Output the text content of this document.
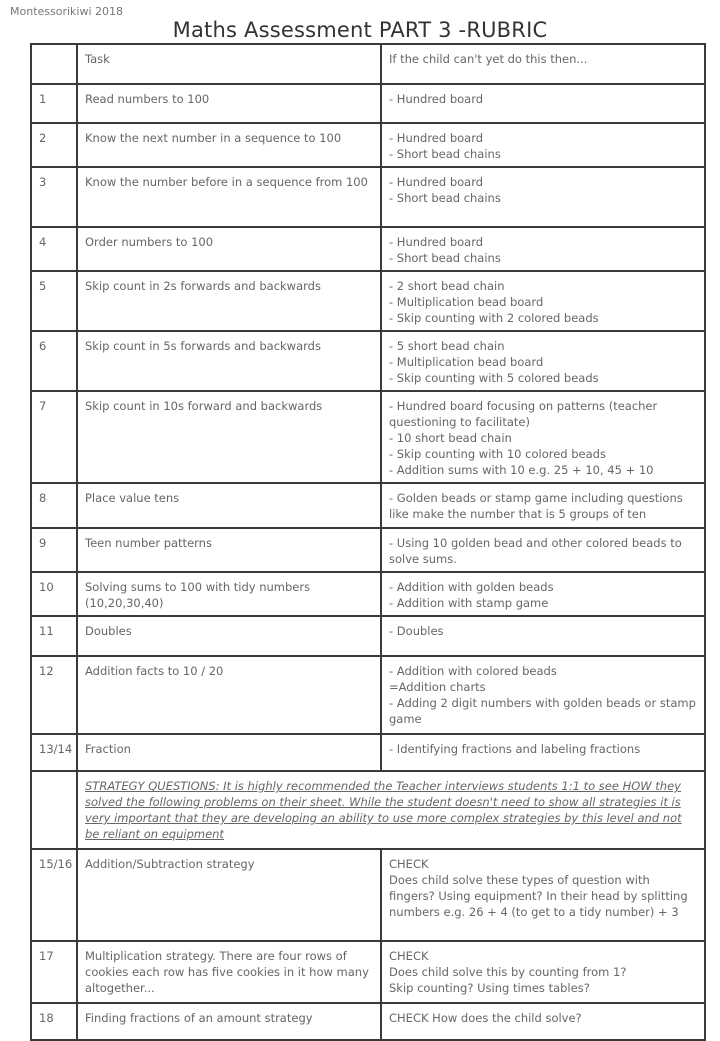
Montessorikiwi 2018
Maths Assessment PART 3 -RUBRIC
	Task	If the child can't yet do this then...
1	Read numbers to 100	- Hundred board

2	Know the next number in a sequence to 100	- Hundred board
- Short bead chains

3	Know the number before in a sequence from 100	- Hundred board
- Short bead chains

4	Order numbers to 100	- Hundred board
- Short bead chains

5	Skip count in 2s forwards and backwards	- 2 short bead chain
- Multiplication bead board
- Skip counting with 2 colored beads

6	Skip count in 5s forwards and backwards	- 5 short bead chain
- Multiplication bead board
- Skip counting with 5 colored beads

7	Skip count in 10s forward and backwards	- Hundred board focusing on patterns (teacher questioning to facilitate)
- 10 short bead chain
- Skip counting with 10 colored beads
- Addition sums with 10 e.g. 25 + 10, 45 + 10

8	Place value tens	- Golden beads or stamp game including questions like make the number that is 5 groups of ten

9	Teen number patterns	- Using 10 golden bead and other colored beads to solve sums.

10	Solving sums to 100 with tidy numbers (10,20,30,40)	- Addition with golden beads
- Addition with stamp game

11	Doubles	- Doubles

12	Addition facts to 10 / 20	- Addition with colored beads
=Addition charts
- Adding 2 digit numbers with golden beads or stamp game

13/14	Fraction	- Identifying fractions and labeling fractions

	STRATEGY QUESTIONS: It is highly recommended the Teacher interviews students 1:1 to see HOW they solved the following problems on their sheet. While the student doesn't need to show all strategies it is very important that they are developing an ability to use more complex strategies by this level and not be reliant on equipment	
15/16	Addition/Subtraction strategy	CHECK
Does child solve these types of question with fingers? Using equipment? In their head by splitting numbers e.g. 26 + 4 (to get to a tidy number) + 3

17	Multiplication strategy. There are four rows of cookies each row has five cookies in it how many altogether...	CHECK
Does child solve this by counting from 1?
Skip counting? Using times tables?

18	Finding fractions of an amount strategy	CHECK How does the child solve?
